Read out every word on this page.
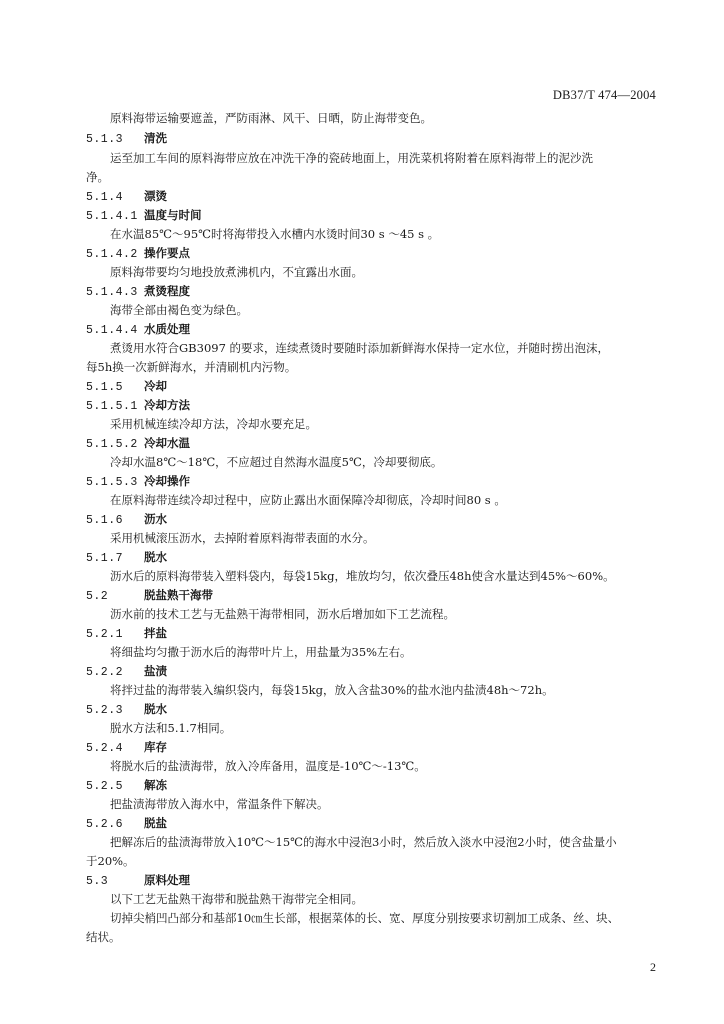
DB37/T 474—2004
原料海带运输要遮盖，严防雨淋、风干、日晒，防止海带变色。
5.1.3 清洗
运至加工车间的原料海带应放在冲洗干净的瓷砖地面上，用洗菜机将附着在原料海带上的泥沙洗
净。
5.1.4 漂烫
5.1.4.1 温度与时间
在水温85℃～95℃时将海带投入水槽内水烫时间30 s ～45 s 。
5.1.4.2 操作要点
原料海带要均匀地投放煮沸机内，不宜露出水面。
5.1.4.3 煮烫程度
海带全部由褐色变为绿色。
5.1.4.4 水质处理
煮烫用水符合GB3097 的要求，连续煮烫时要随时添加新鲜海水保持一定水位，并随时捞出泡沫，
每5h换一次新鲜海水，并清刷机内污物。
5.1.5 冷却
5.1.5.1 冷却方法
采用机械连续冷却方法，冷却水要充足。
5.1.5.2 冷却水温
冷却水温8℃～18℃，不应超过自然海水温度5℃，冷却要彻底。
5.1.5.3 冷却操作
在原料海带连续冷却过程中，应防止露出水面保障冷却彻底，冷却时间80 s 。
5.1.6 沥水
采用机械滚压沥水，去掉附着原料海带表面的水分。
5.1.7 脱水
沥水后的原料海带装入塑料袋内，每袋15kg，堆放均匀，依次叠压48h使含水量达到45%～60%。
5.2	脱盐熟干海带
沥水前的技术工艺与无盐熟干海带相同，沥水后增加如下工艺流程。
5.2.1 拌盐
将细盐均匀撒于沥水后的海带叶片上，用盐量为35%左右。
5.2.2 盐渍
将拌过盐的海带装入编织袋内，每袋15kg，放入含盐30%的盐水池内盐渍48h～72h。
5.2.3 脱水
脱水方法和5.1.7相同。
5.2.4 库存
将脱水后的盐渍海带，放入冷库备用，温度是-10℃～-13℃。
5.2.5 解冻
把盐渍海带放入海水中，常温条件下解决。
5.2.6 脱盐
把解冻后的盐渍海带放入10℃～15℃的海水中浸泡3小时，然后放入淡水中浸泡2小时，使含盐量小
于20%。
5.3	原料处理
以下工艺无盐熟干海带和脱盐熟干海带完全相同。
切掉尖梢凹凸部分和基部10㎝生长部，根据菜体的长、宽、厚度分别按要求切割加工成条、丝、块、
结状。
2
